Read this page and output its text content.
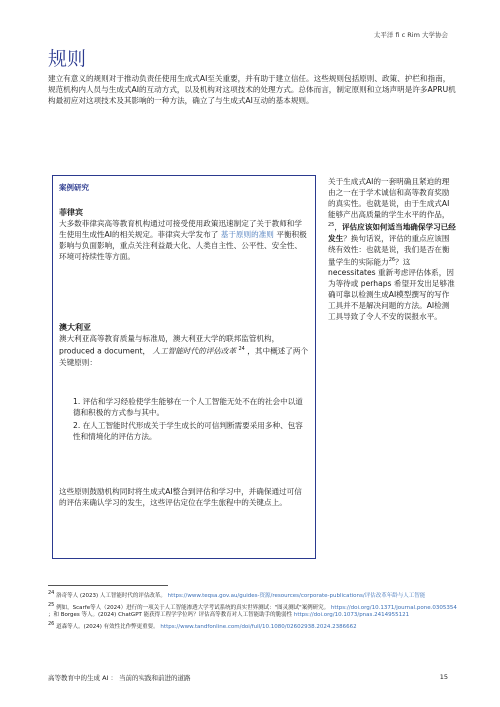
太平洋 fi c Rim 大学协会
规则

建立有意义的规则对于推动负责任使用生成式AI至关重要，并有助于建立信任。这些规则包括原则、政策、护栏和指南，规范机构内人员与生成式AI的互动方式，以及机构对这项技术的处理方式。总体而言，制定原则和立场声明是许多APRU机构最初应对这项技术及其影响的一种方法，确立了与生成式AI互动的基本规则。

案例研究
菲律宾

大多数菲律宾高等教育机构通过可接受使用政策迅速制定了关于教师和学生使用生成性AI的相关规定。菲律宾大学发布了 基于原则的准则 平衡积极影响与负面影响，重点关注利益最大化、人类自主性、公平性、安全性、环境可持续性等方面。

澳大利亚

澳大利亚高等教育质量与标准局，澳大利亚大学的联邦监管机构，produced a document， 人工智能时代的评估改革 $^{24}$ ，其中概述了两个关键原则：

1. 评估和学习经验使学生能够在一个人工智能无处不在的社会中以道德和积极的方式参与其中。

2. 在人工智能时代形成关于学生成长的可信判断需要采用多种、包容性和情境化的评估方法。

这些原则鼓励机构同时将生成式AI整合到评估和学习中，并确保通过可信的评估来确认学习的发生，这些评估定位在学生旅程中的关键点上。

关于生成式AI的一套明确且紧迫的理由之一在于学术诚信和高等教育奖励的真实性。也就是说，由于生成式AI能够产出高质量的学生水平的作品，$^{25}$，评估应该如何适当地确保学习已经发生？换句话说，评估的重点应该围绕有效性：也就是说，我们是否在衡量学生的实际能力$^{26}$？这 necessitates 重新考虑评估体系，因为等待或 perhaps 希望开发出足够准确可靠以检测生成AI模型撰写的写作工具并不是解决问题的方法。AI检测工具导致了令人不安的误报水平。

24 洛奇等人 (2023) 人工智能时代的评估改革。 https://www.teqsa.gov.au/guides-资源/resources/corporate-publications/评估改革年龄与人工智能

25 例如，Scarfe等人（2024）进行的一项关于人工智能渗透大学考试系统的真实世界测试："图灵测试"案例研究。 https://doi.org/10.1371/journal.pone.0305354 ；和 Borges 等人。(2024) ChatGPT 能获得工程学学位吗？评估高等教育对人工智能助手的脆弱性 https://doi.org/10.1073/pnas.2414955121

26 道森等人。(2024) 有效性比作弊更重要。 https://www.tandfonline.com/doi/full/10.1080/02602938.2024.2386662

高等教育中的生成 AI ： 当前的实践和前进的道路	15
